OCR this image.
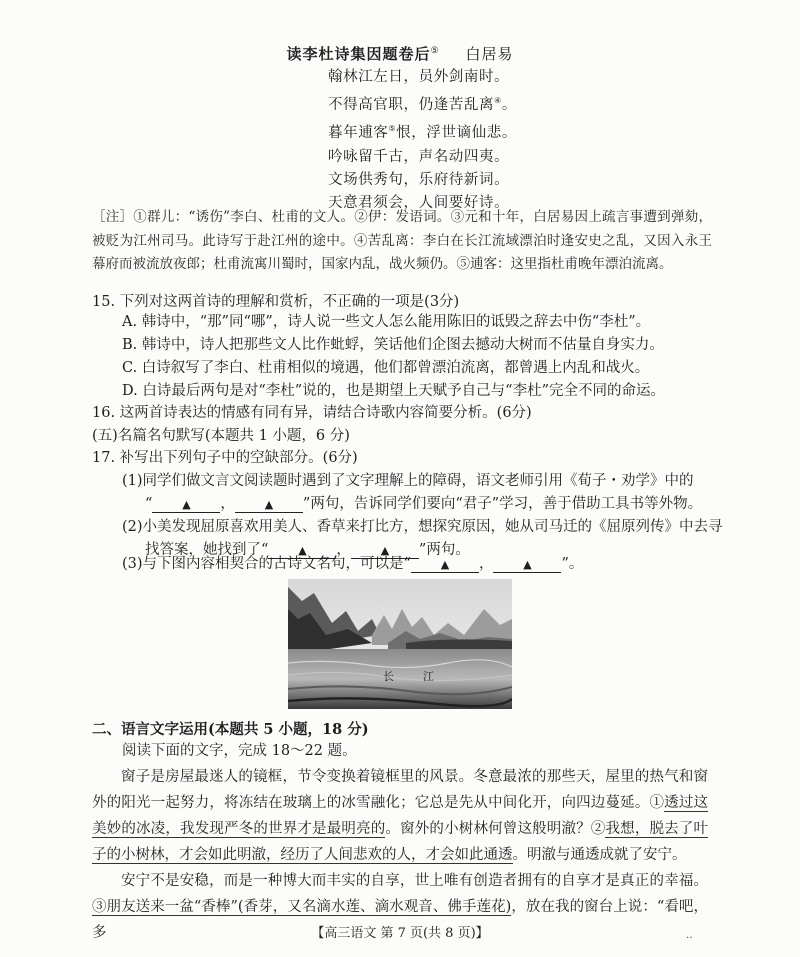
读李杜诗集因题卷后⑤ 白居易
翰林江左日，员外剑南时。
不得高官职，仍逢苦乱离④。
暮年逋客⑤恨，浮世谪仙悲。
吟咏留千古，声名动四夷。
文场供秀句，乐府待新词。
天意君须会，人间要好诗。
［注］①群儿：“诱伤”李白、杜甫的文人。②伊：发语词。③元和十年，白居易因上疏言事遭到弹劾，被贬为江州司马。此诗写于赴江州的途中。④苦乱离：李白在长江流域漂泊时逢安史之乱，又因入永王幕府而被流放夜郎；杜甫流寓川蜀时，国家内乱，战火频仍。⑤逋客：这里指杜甫晚年漂泊流离。
15. 下列对这两首诗的理解和赏析，不正确的一项是(3分)
A. 韩诗中，“那”同“哪”，诗人说一些文人怎么能用陈旧的诋毁之辞去中伤“李杜”。
B. 韩诗中，诗人把那些文人比作蚍蜉，笑话他们企图去撼动大树而不估量自身实力。
C. 白诗叙写了李白、杜甫相似的境遇，他们都曾漂泊流离，都曾遇上内乱和战火。
D. 白诗最后两句是对“李杜”说的，也是期望上天赋予自己与“李杜”完全不同的命运。
16. 这两首诗表达的情感有同有异，请结合诗歌内容简要分析。(6分)
(五)名篇名句默写(本题共 1 小题，6 分)
17. 补写出下列句子中的空缺部分。(6分)
(1)同学们做文言文阅读题时遇到了文字理解上的障碍，语文老师引用《荀子・劝学》中的
“	▲ ，	▲ ”两句，告诉同学们要向“君子”学习，善于借助工具书等外物。
(2)小美发现屈原喜欢用美人、香草来打比方，想探究原因，她从司马迁的《屈原列传》中去寻
找答案，她找到了“	▲ ，	▲ ”两句。
(3)与下图内容相契合的古诗文名句，可以是“	▲ ，	▲ ”。
长	江
二、语言文字运用(本题共 5 小题，18 分)
阅读下面的文字，完成 18～22 题。
窗子是房屋最迷人的镜框，节令变换着镜框里的风景。冬意最浓的那些天，屋里的热气和窗外的阳光一起努力，将冻结在玻璃上的冰雪融化；它总是先从中间化开，向四边蔓延。①透过这美妙的冰凌，我发现严冬的世界才是最明亮的。窗外的小树林何曾这般明澈？②我想，脱去了叶子的小树林，才会如此明澈，经历了人间悲欢的人，才会如此通透。明澈与通透成就了安宁。
安宁不是安稳，而是一种博大而丰实的自享，世上唯有创造者拥有的自享才是真正的幸福。③朋友送来一盆“香棒”(香芽，又名滴水莲、滴水观音、佛手莲花)，放在我的窗台上说：“看吧，多	【高三语文 第 7 页(共 8 页)】	‥
